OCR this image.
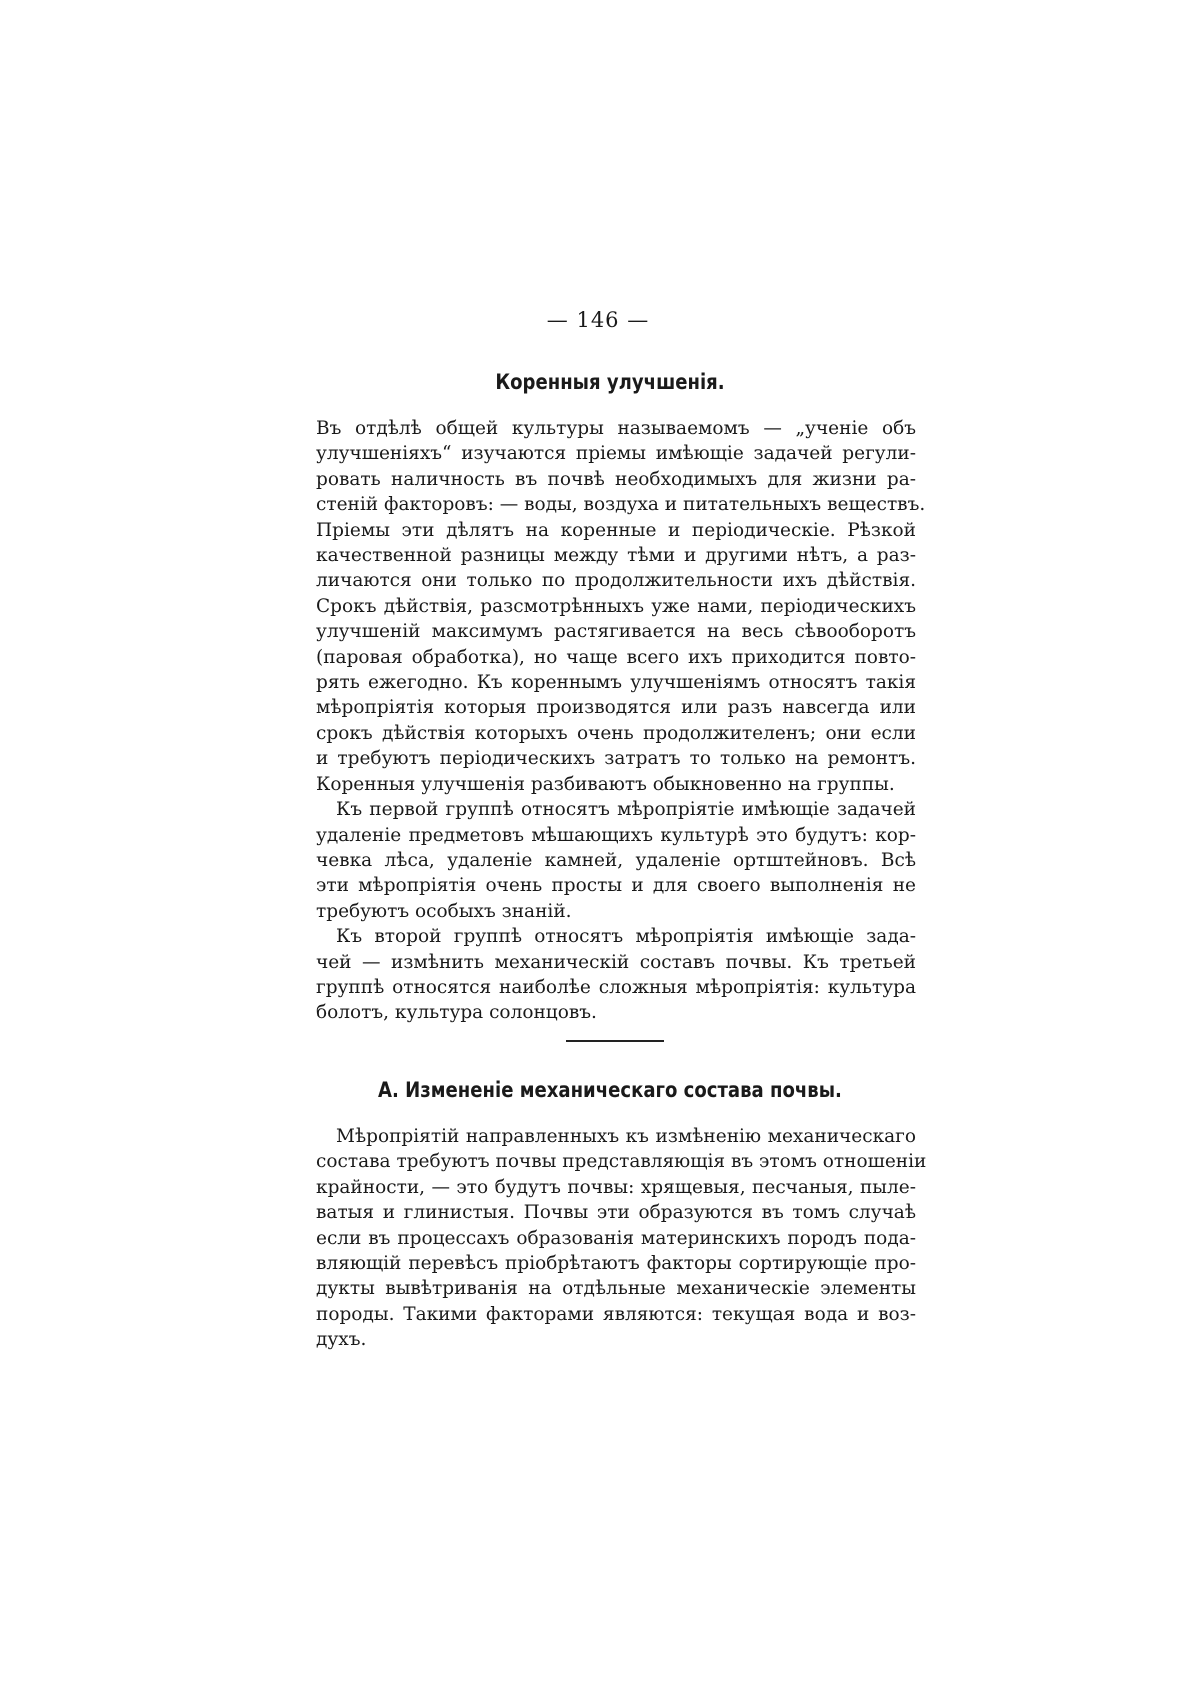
— 146 —
Коренныя улучшенія.

Въ отдѣлѣ общей культуры называемомъ — „ученіе объ
улучшеніяхъ“ изучаются пріемы имѣющіе задачей регули-
ровать наличность въ почвѣ необходимыхъ для жизни ра-
стеній факторовъ: — воды, воздуха и питательныхъ веществъ.
Пріемы эти дѣлятъ на коренные и періодическіе. Рѣзкой
качественной разницы между тѣми и другими нѣтъ, а раз-
личаются они только по продолжительности ихъ дѣйствія.
Срокъ дѣйствія, разсмотрѣнныхъ уже нами, періодическихъ
улучшеній максимумъ растягивается на весь сѣвооборотъ
(паровая обработка), но чаще всего ихъ приходится повто-
рять ежегодно. Къ кореннымъ улучшеніямъ относятъ такія
мѣропріятія которыя производятся или разъ навсегда или
срокъ дѣйствія которыхъ очень продолжителенъ; они если
и требуютъ періодическихъ затратъ то только на ремонтъ.
Коренныя улучшенія разбиваютъ обыкновенно на группы.

Къ первой группѣ относятъ мѣропріятіе имѣющіе задачей
удаленіе предметовъ мѣшающихъ культурѣ это будутъ: кор-
чевка лѣса, удаленіе камней, удаленіе ортштейновъ. Всѣ
эти мѣропріятія очень просты и для своего выполненія не
требуютъ особыхъ знаній.

Къ второй группѣ относятъ мѣропріятія имѣющіе зада-
чей — измѣнить механическій составъ почвы. Къ третьей
группѣ относятся наиболѣе сложныя мѣропріятія: культура
болотъ, культура солонцовъ.

А. Измененіе механическаго состава почвы.

Мѣропріятій направленныхъ къ измѣненію механическаго
состава требуютъ почвы представляющія въ этомъ отношеніи
крайности, — это будутъ почвы: хрящевыя, песчаныя, пыле-
ватыя и глинистыя. Почвы эти образуются въ томъ случаѣ
если въ процессахъ образованія материнскихъ породъ пода-
вляющій перевѣсъ пріобрѣтаютъ факторы сортирующіе про-
дукты вывѣтриванія на отдѣльные механическіе элементы
породы. Такими факторами являются: текущая вода и воз-
духъ.
